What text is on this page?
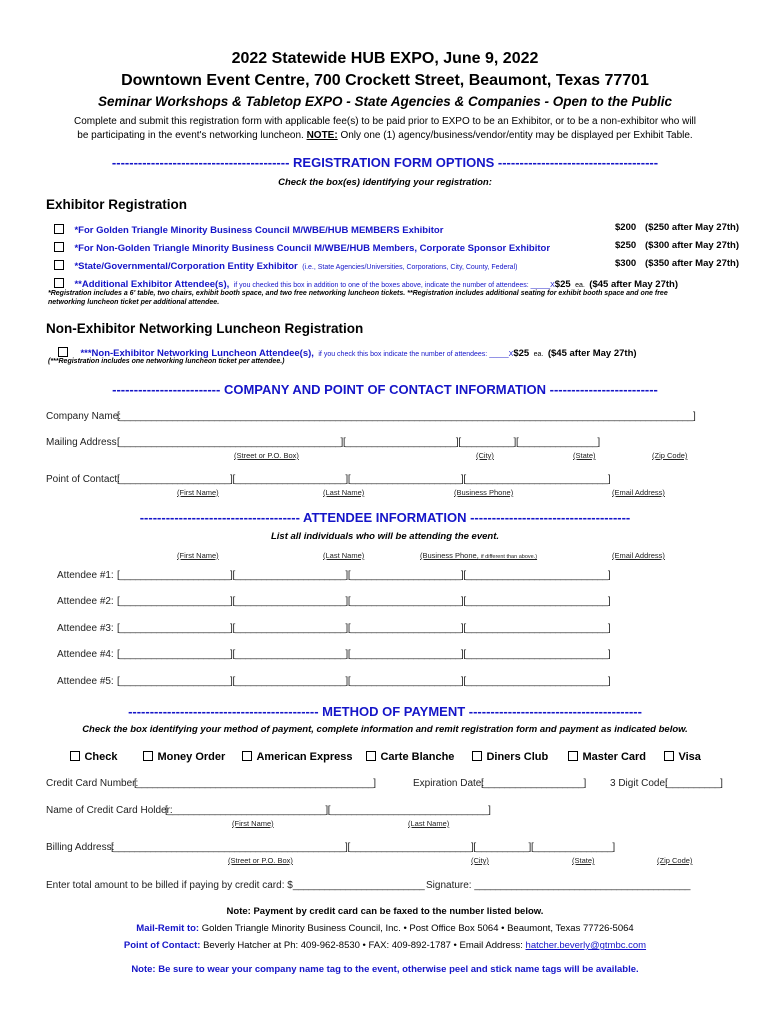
2022 Statewide HUB EXPO, June 9, 2022
Downtown Event Centre, 700 Crockett Street, Beaumont, Texas 77701
Seminar Workshops & Tabletop EXPO - State Agencies & Companies - Open to the Public
Complete and submit this registration form with applicable fee(s) to be paid prior to EXPO to be an Exhibitor, or to be a non-exhibitor who will
be participating in the event's networking luncheon. NOTE: Only one (1) agency/business/vendor/entity may be displayed per Exhibit Table.
----------------------------------------- REGISTRATION FORM OPTIONS -------------------------------------
Check the box(es) identifying your registration:
Exhibitor Registration
*For Golden Triangle Minority Business Council M/WBE/HUB MEMBERS Exhibitor	$200 ($250 after May 27th)
*For Non-Golden Triangle Minority Business Council M/WBE/HUB Members, Corporate Sponsor Exhibitor	$250 ($300 after May 27th)
*State/Governmental/Corporation Entity Exhibitor (i.e., State Agencies/Universities, Corporations, City, County, Federal)	$300 ($350 after May 27th)
**Additional Exhibitor Attendee(s), if you checked this box in addition to one of the boxes above, indicate the number of attendees: _____X$25 ea. ($45 after May 27th)
*Registration includes a 6' table, two chairs, exhibit booth space, and two free networking luncheon tickets. **Registration includes additional seating for exhibit booth space and one free
networking luncheon ticket per additional attendee.
Non-Exhibitor Networking Luncheon Registration
***Non-Exhibitor Networking Luncheon Attendee(s), if you check this box indicate the number of attendees: _____X$25 ea. ($45 after May 27th)
(***Registration includes one networking luncheon ticket per attendee.)
------------------------- COMPANY AND POINT OF CONTACT INFORMATION -------------------------
Company Name:
[_____________________________________________________________________________________________________________]
Mailing Address:
[__________________________________________][_____________________][__________][_______________]
(Street or P.O. Box)	(City)	(State)	(Zip Code)
Point of Contact:
[_____________________][_____________________][_____________________][___________________________]
(First Name)	(Last Name)	(Business Phone)	(Email Address)
------------------------------------- ATTENDEE INFORMATION -------------------------------------
List all individuals who will be attending the event.
(First Name)	(Last Name)	(Business Phone, if different than above.)	(Email Address)
Attendee #1: [_____________________][_____________________][_____________________][___________________________]
Attendee #2: [_____________________][_____________________][_____________________][___________________________]
Attendee #3: [_____________________][_____________________][_____________________][___________________________]
Attendee #4: [_____________________][_____________________][_____________________][___________________________]
Attendee #5: [_____________________][_____________________][_____________________][___________________________]
-------------------------------------------- METHOD OF PAYMENT ----------------------------------------
Check the box identifying your method of payment, complete information and remit registration form and payment as indicated below.
Check	Money Order	American Express	Carte Blanche	Diners Club	Master Card	Visa
Credit Card Number:
[_____________________________________________]	Expiration Date:
[___________________] 3 Digit Code:
[__________]
Name of Credit Card Holder:
[______________________________][______________________________]
(First Name)	(Last Name)
Billing Address:
[____________________________________________][_______________________][__________][_______________]
(Street or P.O. Box)	(City)	(State)	(Zip Code)
Enter total amount to be billed if paying by credit card: $_________________________ Signature: _________________________________________
Note: Payment by credit card can be faxed to the number listed below.
Mail-Remit to: Golden Triangle Minority Business Council, Inc. • Post Office Box 5064 • Beaumont, Texas 77726-5064
Point of Contact: Beverly Hatcher at Ph: 409-962-8530 • FAX: 409-892-1787 • Email Address: hatcher.beverly@gtmbc.com
Note: Be sure to wear your company name tag to the event, otherwise peel and stick name tags will be available.
